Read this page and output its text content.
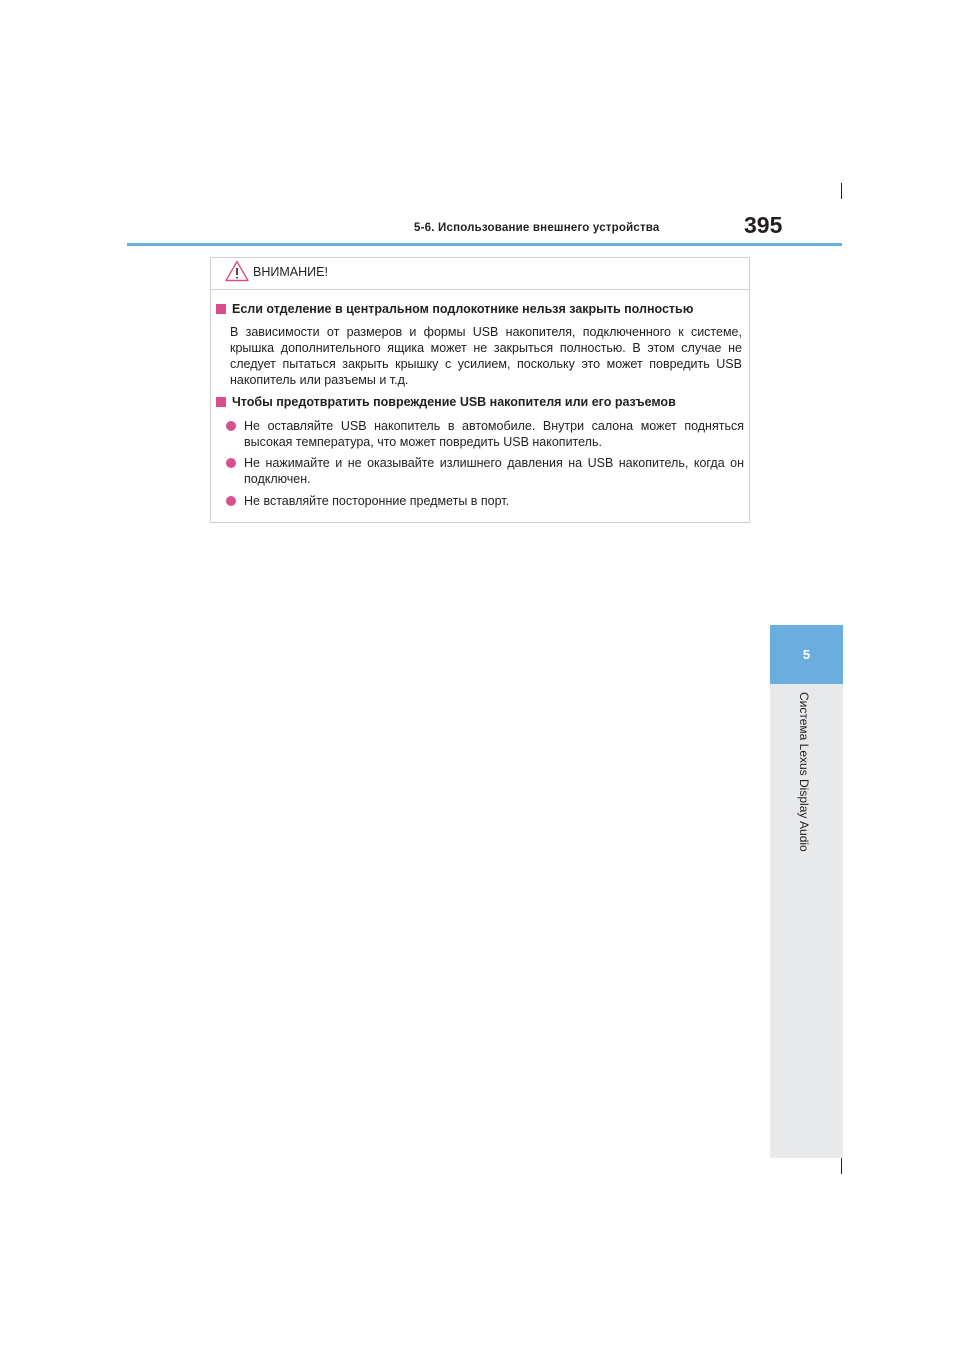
5-6. Использование внешнего устройства	395
5
Система Lexus Display Audio
ВНИМАНИЕ!
Если отделение в центральном подлокотнике нельзя закрыть полностью
В зависимости от размеров и формы USB накопителя, подключенного к системе, крышка дополнительного ящика может не закрыться полностью. В этом случае не следует пытаться закрыть крышку с усилием, поскольку это может повредить USB накопитель или разъемы и т.д.
Чтобы предотвратить повреждение USB накопителя или его разъемов
Не оставляйте USB накопитель в автомобиле. Внутри салона может подняться высокая температура, что может повредить USB накопитель.
Не нажимайте и не оказывайте излишнего давления на USB накопитель, когда он подключен.
Не вставляйте посторонние предметы в порт.
